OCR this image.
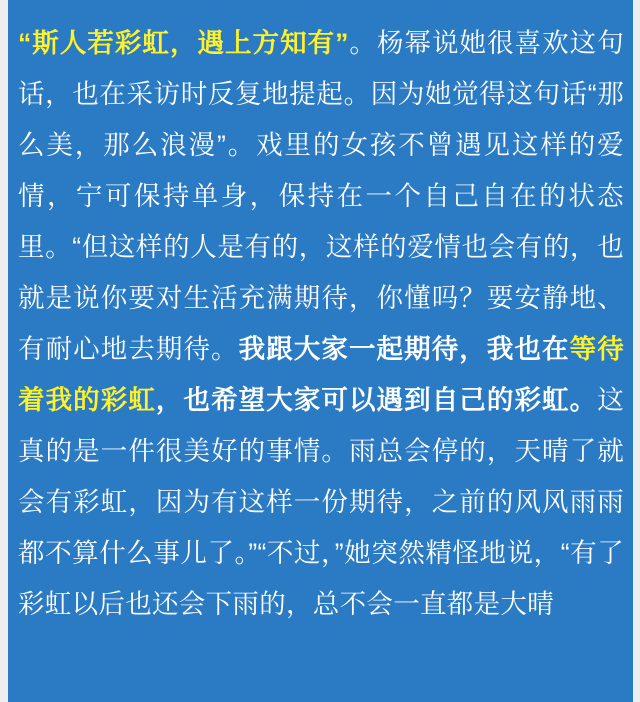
“斯人若彩虹，遇上方知有”。杨幂说她很喜欢这句话，也在采访时反复地提起。因为她觉得这句话“那么美，那么浪漫”。戏里的女孩不曾遇见这样的爱情，宁可保持单身，保持在一个自己自在的状态里。“但这样的人是有的，这样的爱情也会有的，也就是说你要对生活充满期待，你懂吗？要安静地、有耐心地去期待。我跟大家一起期待，我也在等待着我的彩虹，也希望大家可以遇到自己的彩虹。这真的是一件很美好的事情。雨总会停的，天晴了就会有彩虹，因为有这样一份期待，之前的风风雨雨都不算什么事儿了。”“不过，”她突然精怪地说，“有了彩虹以后也还会下雨的，总不会一直都是大晴
